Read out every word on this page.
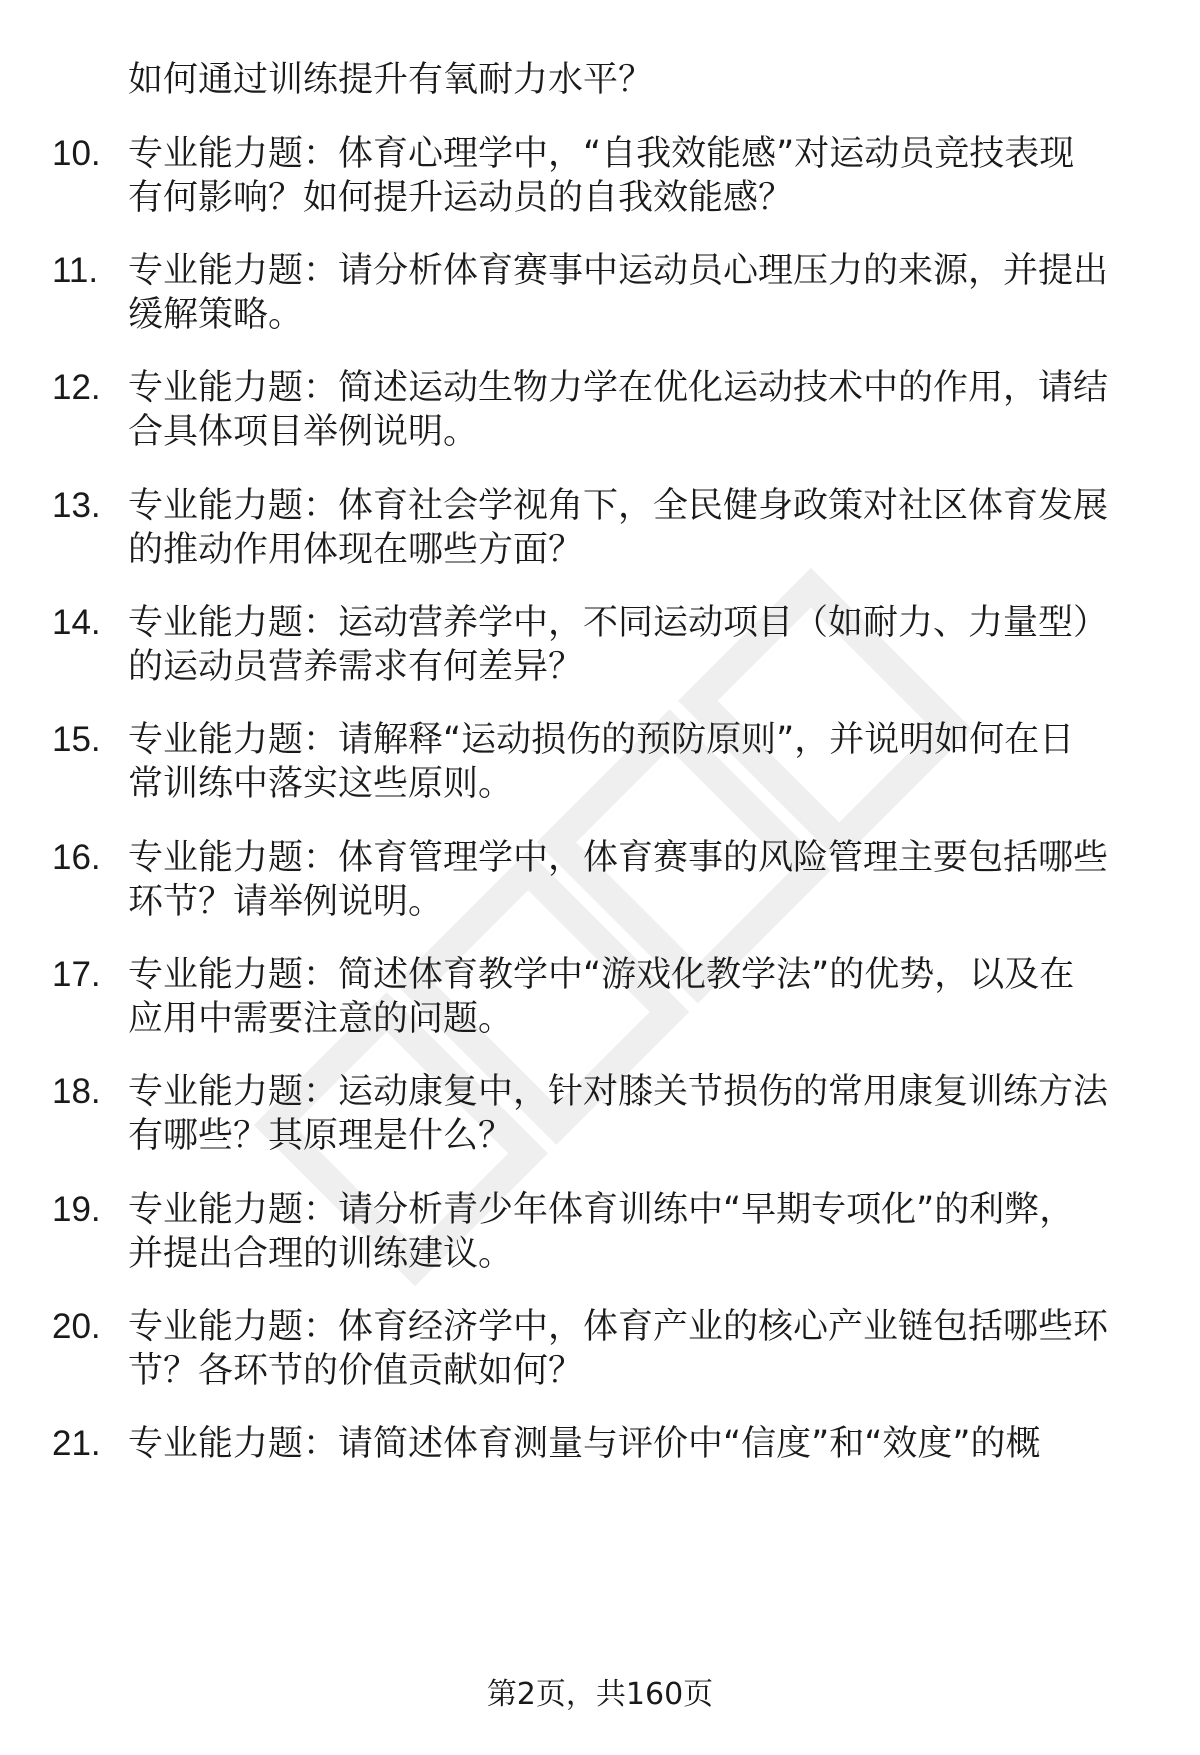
如何通过训练提升有氧耐力水平？
10. 专业能力题：体育心理学中，“自我效能感”对运动员竞技表现
有何影响？如何提升运动员的自我效能感？
11. 专业能力题：请分析体育赛事中运动员心理压力的来源，并提出
缓解策略。
12. 专业能力题：简述运动生物力学在优化运动技术中的作用，请结
合具体项目举例说明。
13. 专业能力题：体育社会学视角下，全民健身政策对社区体育发展
的推动作用体现在哪些方面？
14. 专业能力题：运动营养学中，不同运动项目（如耐力、力量型）
的运动员营养需求有何差异？
15. 专业能力题：请解释“运动损伤的预防原则”，并说明如何在日
常训练中落实这些原则。
16. 专业能力题：体育管理学中，体育赛事的风险管理主要包括哪些
环节？请举例说明。
17. 专业能力题：简述体育教学中“游戏化教学法”的优势，以及在
应用中需要注意的问题。
18. 专业能力题：运动康复中，针对膝关节损伤的常用康复训练方法
有哪些？其原理是什么？
19. 专业能力题：请分析青少年体育训练中“早期专项化”的利弊，
并提出合理的训练建议。
20. 专业能力题：体育经济学中，体育产业的核心产业链包括哪些环
节？各环节的价值贡献如何？
21. 专业能力题：请简述体育测量与评价中“信度”和“效度”的概
第2页，共160页
